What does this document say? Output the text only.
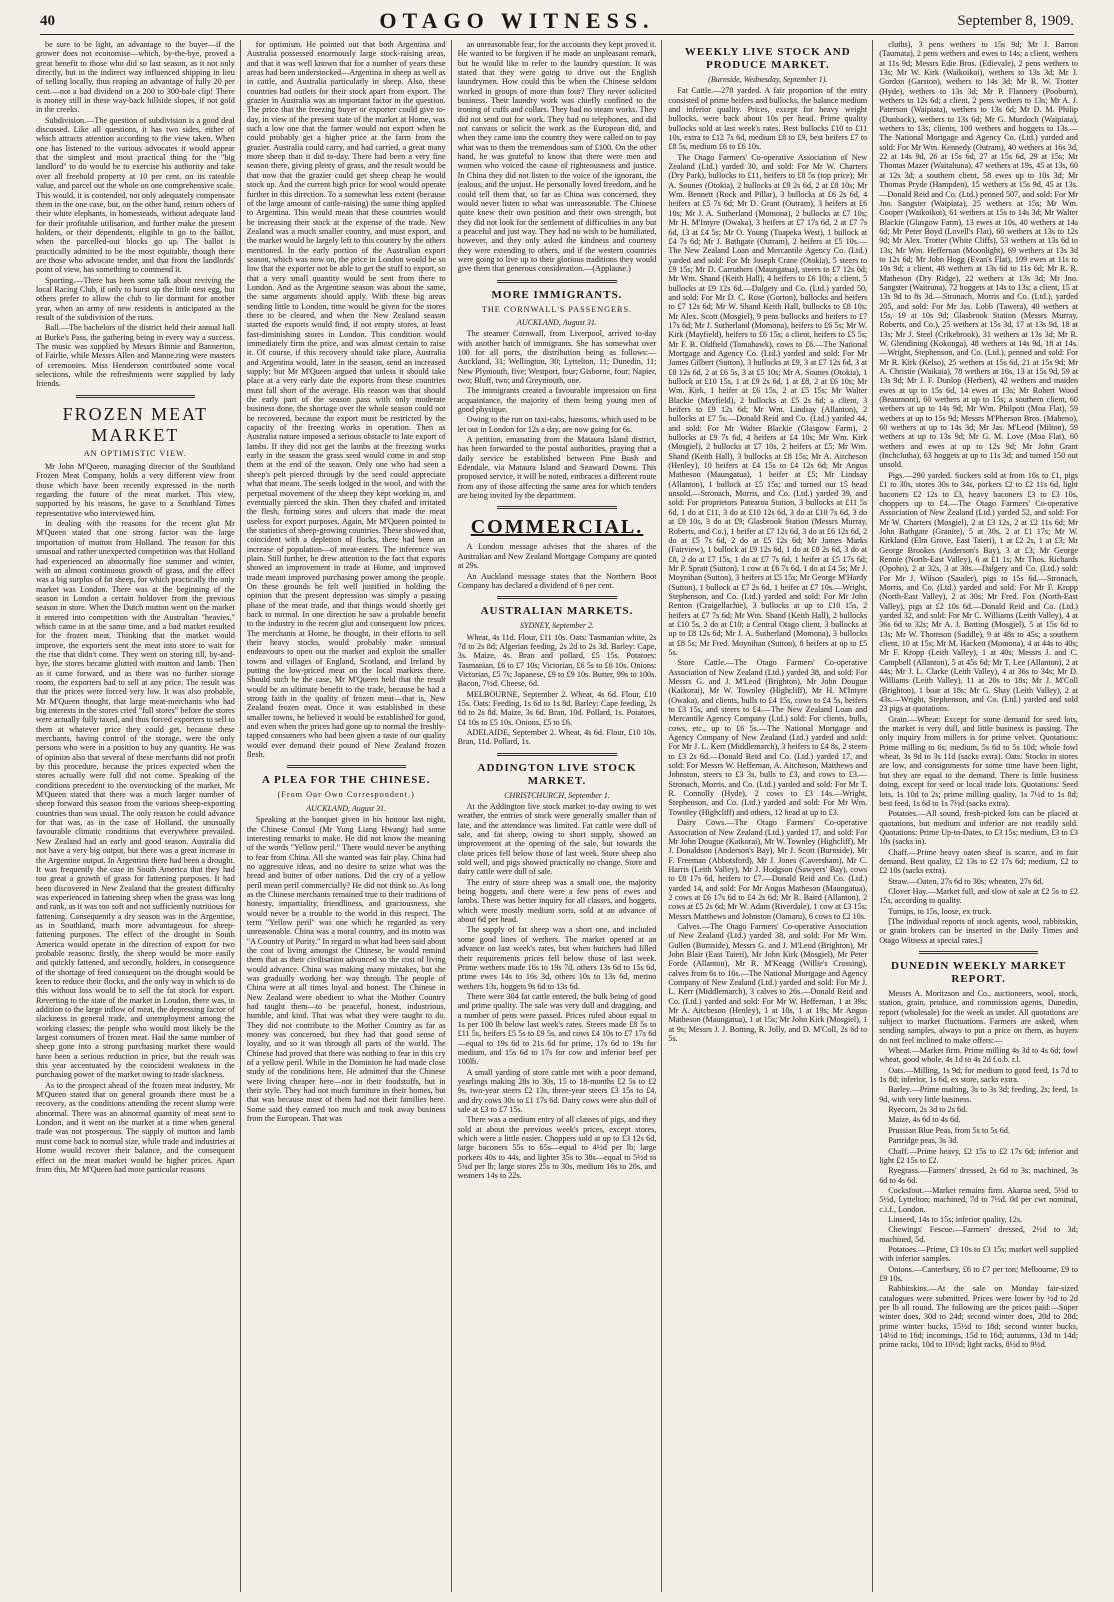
40	OTAGO WITNESS.	September 8, 1909.

be sure to be light, an advantage to the buyer—if the grower does not economise—which, by-the-bye, proved a great benefit to those who did so last season, as it not only directly, but in the indirect way influenced shipping in lieu of selling locally, thus reaping an advantage of fully 20 per cent.—not a bad dividend on a 200 to 300-bale clip! There is money still in these way-back hillside slopes, if not gold in the creeks.

Subdivision.—The question of subdivision is a good deal discussed. Like all questions, it has two sides, either of which attracts attention according to the view taken. When one has listened to the various advocates it would appear that the simplest and most practical thing for the "big landlord" to do would be to exercise his authority and take over all freehold property at 10 per cent. on its rateable value, and parcel out the whole on one comprehensive scale. This would, it is contended, not only adequately compensate them in the one case, but, on the other hand, return others of their white elephants, in homesteads, without adequate land for their profitable utilisation, and further make the present holders, or their dependents, eligible to go to the ballot, when the parcelled-out blocks go up. The ballot is practically admitted to be the most equitable, though there are those who advocate tender, and that from the landlords' point of view, has something to commend it.

Sporting.—There has been some talk about reviving the local Racing Club, if only to burst up the little nest egg, but others prefer to allow the club to lie dormant for another year, when an army of new residents is anticipated as the result of the subdivision of the runs.

Ball.—The bachelors of the district held their annual ball at Burke's Pass, the gathering being in every way a success. The music was supplied by Messrs Binnie and Bannerton, of Fairlie, while Messrs Allen and Manne.ring were masters of ceremonies. Miss Henderson contributed some vocal selections, while the refreshments were supplied by lady friends.

FROZEN MEAT MARKET
AN OPTIMISTIC VIEW.

Mr John M'Queen, managing director of the Southland Frozen Meat Company, holds a very different view from those which have been recently expressed in the north regarding the future of the meat market. This view, supported by his reasons, he gave to a Southland Times representative who interviewed him.

In dealing with the reasons for the recent glut Mr M'Queen stated that one strong factor was the large importation of mutton from Holland. The reason for this unusual and rather unexpected competition was that Holland had experienced an abnormally fine summer and winter, with an almost continuous growth of grass, and the effect was a big surplus of fat sheep, for which practically the only market was London. There was at the beginning of the season in London a certain holdover from the previous season in store. When the Dutch mutton went on the market it entered into competition with the Australian "heavies," which came in at the same time, and a bad market resulted for the frozen meat. Thinking that the market would improve, the exporters sent the meat into store to wait for the rise that didn't come. They went on storing till, by-and-bye, the stores became glutted with mutton and lamb. Then as it came forward, and as there was no further storage room, the exporters had to sell at any price. The result was that the prices were forced very low. It was also probable, Mr M'Queen thought, that large meat-merchants who had big interests in the stores cried "full stores" before the stores were actually fully taxed, and thus forced exporters to sell to them at whatever price they could get, because these merchants, having control of the storage, were the only persons who were in a position to buy any quantity. He was of opinion also that several of these merchants did not profit by this procedure, because the prices expected when the stores actually were full did not come. Speaking of the conditions precedent to the overstocking of the market, Mr M'Queen stated that there was a much larger number of sheep forward this season from the various sheep-exporting countries than was usual. The only reason he could advance for that was, as in the case of Holland, the unusually favourable climatic conditions that everywhere prevailed. New Zealand had an early and good season. Australia did not have a very big output, but there was a great increase in the Argentine output. In Argentina there had been a drought. It was frequently the case in South America that they had too great a growth of grass for fattening purposes. It had been discovered in New Zealand that the greatest difficulty was experienced in fattening sheep when the grass was long and rank, as it was too soft and not sufficiently nutritious for fattening. Consequently a dry season was in the Argentine, as in Southland, much more advantageous for sheep-fattening purposes. The effect of the drought in South America would operate in the direction of export for two probable reasons: firstly, the sheep would be more easily and quickly fattened, and secondly, holders, in consequence of the shortage of feed consequent on the drought would be keen to reduce their flocks, and the only way in which to do this without loss would be to sell the fat stock for export. Reverting to the state of the market in London, there was, in addition to the large inflow of meat, the depressing factor of slackness in general trade, and unemployment among the working classes; the people who would most likely be the largest consumers of frozen meat. Had the same number of sheep gone into a strong purchasing market there would have been a serious reduction in price, but the result was this year accentuated by the coincident weakness in the purchasing power of the market owing to trade slackness.

As to the prospect ahead of the frozen meat industry, Mr M'Queen stated that on general grounds there must be a recovery, as the conditions attending the recent slump were abnormal. There was an abnormal quantity of meat sent to London, and it went on the market at a time when general trade was not prosperous. The supply of mutton and lamb must come back to normal size, while trade and industries at Home would recover their balance, and the consequent effect on the meat market would be higher prices. Apart from this, Mr M'Queen had more particular reasons

for optimism. He pointed out that both Argentina and Australia possessed enormously large stock-raising areas, and that it was well known that for a number of years these areas had been understocked—Argentina in sheep as well as in cattle, and Australia particularly in sheep. Also, these countries had outlets for their stock apart from export. The grazier in Australia was an important factor in the question. The price that the freezing buyer or exporter could give to-day, in view of the present state of the market at Home, was such a low one that the farmer would not export when he could probably get a higher price at the farm from the grazier. Australia could carry, and had carried, a great many more sheep than it did to-day. There had been a very fine season there, giving plenty of grass, and the result would be that now that the grazier could get sheep cheap he would stock up. And the current high price for wool would operate further in this direction. To a somewhat less extent (because of the large amount of cattle-raising) the same thing applied to Argentina. This would mean that these countries would be increasing their stock at the expense of the trade. New Zealand was a much smaller country, and must export, and the market would be largely left to this country by the others mentioned. In the early portion of the Australian export season, which was now on, the price in London would be so low that the exporter not be able to get the stuff to export, so that a very small quantity would be sent from there to London. And as the Argentine season was about the same, the same arguments should apply. With these big areas sending little to London, time would be given for the stores there to be cleared, and when the New Zealand season started the exports would find, if not empty stores, at least fast-diminishing stores in London. This condition would immediately firm the price, and was almost certain to raise it. Of course, if this recovery should take place, Australia and Argentina would, later in the season, send an increased supply; but Mr M'Queen argued that unless it should take place at a very early date the exports from these countries must fall short of the average. His reason was that should the early part of the season pass with only moderate business done, the shortage over the whole season could not be recovered, because the export must be restricted by the capacity of the freezing works in operation. Then as Australia nature imposed a serious obstacle to late export of lambs. If they did not get the lambs at the freezing works early in the season the grass seed would come in and stop them at the end of the season. Only one who had seen a sheep's pelt pierced through by the seed could appreciate what that meant. The seeds lodged in the wool, and with the perpetual movement of the sheep they kept working in, and eventually pierced the skin. Then they chafed and irritated the flesh, forming sores and ulcers that made the meat useless for export purposes. Again, Mr M'Queen pointed to the statistics of sheep-growing countries. These showed that, coincident with a depletion of flocks, there had been an increase of population—of meat-eaters. The inference was plain. Still further, he drew attention to the fact that exports showed an improvement in trade at Home, and improved trade meant improved purchasing power among the people. On these grounds he felt well justified in holding the opinion that the present depression was simply a passing phase of the meat trade, and that things would shortly get back to normal. In one direction he saw a probable benefit to the industry in the recent glut and consequent low prices. The merchants at Home, he thought, in their efforts to sell their heavy stocks, would probably make unusual endeavours to open out the market and exploit the smaller towns and villages of England, Scotland, and Ireland by putting the low-priced meat on the local markets there. Should such be the case, Mr M'Queen held that the result would be an ultimate benefit to the trade, because he had a strong faith in the quality of frozen meat—that is, New Zealand frozen meat. Once it was established in these smaller towns, he believed it would be established for good, and even when the prices had gone up to normal the freshly-tapped consumers who had been given a taste of our quality would ever demand their pound of New Zealand frozen flesh.

A PLEA FOR THE CHINESE.
(From Our Own Correspondent.)
AUCKLAND, August 31.

Speaking at the banquet given in his honour last night, the Chinese Consul (Mr Yung Liang Hwang) had some interesting remarks to make. He did not know the meaning of the words "Yellow peril." There would never be anything to fear from China. All she wanted was fair play. China had no aggressive ideas, and no desire to seize what was the bread and butter of other nations. Did the cry of a yellow peril mean peril commercially? He did not think so. As long as the Chinese merchants remained true to their traditions of honesty, impartiality, friendliness, and graciousness, she would never be a trouble to the world in this respect. The term "Yellow peril" was one which he regarded as very unreasonable. China was a moral country, and its motto was "A Country of Purity." In regard to what had been said about the cost of living amongst the Chinese, he would remind them that as their civilisation advanced so the cost of living would advance. China was making many mistakes, but she was gradually working her way through. The people of China were at all times loyal and honest. The Chinese in New Zealand were obedient to what the Mother Country had taught them—to be peaceful, honest, industrious, humble, and kind. That was what they were taught to do. They did not contribute to the Mother Country as far as money was concerned, but they had that good sense of loyalty, and so it was through all parts of the world. The Chinese had proved that there was nothing to fear in this cry of a yellow peril. While in the Dominion he had made close study of the conditions here. He admitted that the Chinese were living cheaper here—not in their foodstuffs, but in their style. They had not much furniture in their homes, but that was because most of them had not their families here. Some said they earned too much and took away business from the European. That was

an unreasonable fear, for the accounts they kept proved it. He wanted to be forgiven if he made an unpleasant remark, but he would like to refer to the laundry question. It was stated that they were going to drive out the English laundrymen. How could this be when the Chinese seldom worked in groups of more than four? They never solicited business. Their laundry work was chiefly confined to the ironing of cuffs and collars. They had no steam works. They did not send out for work. They had no telephones, and did not canvass or solicit the work as the European did, and when they came into the country they were called on to pay what was to them the tremendous sum of £100. On the other hand, he was grateful to know that there were men and women who voiced the cause of righteousness and justice. In China they did not listen to the voice of the ignorant, the jealous, and the unjust. He personally loved freedom, and he could tell them that, so far as China was concerned, they would never listen to what was unreasonable. The Chinese quite knew their own position and their own strength, but they did not look for the settlement of difficulties in any but a peaceful and just way. They had no wish to be humiliated, however, and they only asked the kindness and courtesy they were extending to others, and if the western countries were going to live up to their glorious traditions they would give them that generous consideration.—(Applause.)

MORE IMMIGRANTS.
THE CORNWALL'S PASSENGERS.
AUCKLAND, August 31.

The steamer Cornwall, from Liverpool, arrived to-day with another batch of immigrants. She has somewhat over 100 for all ports, the distribution being as follows:—Auckland, 31; Wellington, 30; Lyttelton, 11; Dunedin, 11; New Plymouth, five; Westport, four; Gisborne, four; Napier, two; Bluff, two; and Greymouth, one.

The immigrants created a favourable impression on first acquaintance, the majority of them being young men of good physique.

Owing to the run on taxi-cabs, hansoms, which used to be let out in London for 12s a day, are now going for 6s.

A petition, emanating from the Mataura Island district, has been forwarded to the postal authorities, praying that a daily service be established between Pine Bush and Edendale, via Mataura Island and Seaward Downs. This proposed service, it will be noted, embraces a different route from any of those affecting the same area for which tenders are being invited by the department.

COMMERCIAL.

A London message advises that the shares of the Australian and New Zealand Mortgage Company are quoted at 29s.

An Auckland message states that the Northern Boot Company has declared a dividend of 6 per cent.

AUSTRALIAN MARKETS.
SYDNEY, September 2.

Wheat, 4s 11d. Flour, £11 10s. Oats: Tasmanian white, 2s 7d to 2s 8d; Algerian feeding, 2s 2d to 2s 3d. Barley: Cape, 3s. Maize, 4s. Bran and pollard, £5 15s. Potatoes: Tasmanian, £6 to £7 10s; Victorian, £6 5s to £6 10s. Onions: Victorian, £5 7s; Japanese, £9 to £9 10s. Butter, 99s to 100s. Bacon, 7½d. Cheese, 6d.

MELBOURNE, September 2. Wheat, 4s 6d. Flour, £10 15s. Oats: Feeding, 1s 6d to 1s 8d. Barley: Cape feeding, 2s 6d to 2s 8d. Maize, 3s 6d. Bran, 10d. Pollard, 1s. Potatoes, £4 10s to £5 10s. Onions, £5 to £6.

ADELAIDE, September 2. Wheat, 4s 6d. Flour, £10 10s. Bran, 11d. Pollard, 1s.

ADDINGTON LIVE STOCK MARKET.
CHRISTCHURCH, September 1.

At the Addington live stock market to-day owing to wet weather, the entries of stock were generally smaller than of late, and the attendance was limited. Fat cattle were dull of sale, and fat sheep, owing to short supply, showed an improvement at the opening of the sale, but towards the close prices fell below those of last week. Store sheep also sold well, and pigs showed practically no change. Store and dairy cattle were dull of sale.

The entry of store sheep was a small one, the majority being hoggets, and there were a few pens of ewes and lambs. There was better inquiry for all classes, and hoggets, which were mostly medium sorts, sold at an advance of about 6d per head.

The supply of fat sheep was a short one, and included some good lines of wethers. The market opened at an advance on last week's rates, but when butchers had filled their requirements prices fell below those of last week. Prime wethers made 16s to 19s 7d, others 13s 6d to 15s 6d, prime ewes 14s to 16s 3d, others 10s to 13s 6d, merino wethers 13s, hoggets 9s 6d to 13s 6d.

There were 304 fat cattle entered, the bulk being of good and prime quality. The sale was very dull and dragging, and a number of pens were passed. Prices ruled about equal to 1s per 100 lb below last week's rates. Steers made £8 5s to £11 5s, heifers £5 5s to £9 5s, and cows £4 10s to £7 17s 6d—equal to 19s 6d to 21s 6d for prime, 17s 6d to 19s for medium, and 15s 6d to 17s for cow and inferior beef per 100lb.

A small yarding of store cattle met with a poor demand, yearlings making 28s to 30s, 15 to 18-months £2 5s to £2 9s, two-year steers £2 13s, three-year steers £3 15s to £4, and dry cows 30s to £1 17s 6d. Dairy cows were also dull of sale at £3 to £7 15s.

There was a medium entry of all classes of pigs, and they sold at about the previous week's prices, except stores, which were a little easier. Choppers sold at up to £3 12s 6d, large baconers 55s to 65s—equal to 4½d per lb; large porkers 40s to 44s, and lighter 35s to 38s—equal to 5½d to 5¾d per lb; large stores 25s to 30s, medium 16s to 20s, and weaners 14s to 22s.

WEEKLY LIVE STOCK AND PRODUCE MARKET.
(Burnside, Wednesday, September 1).

Fat Cattle.—278 yarded. A fair proportion of the entry consisted of prime heifers and bullocks, the balance medium and inferior quality. Prices, except for heavy weight bullocks, were back about 10s per head. Prime quality bullocks sold at last week's rates. Best bullocks £10 to £11 10s, extra to £12 7s 6d, medium £8 to £9, best heifers £7 to £8 5s, medium £6 to £6 10s.

The Otago Farmers' Co-operative Association of New Zealand (Ltd.) yarded 30, and sold: For Mr W. Charters (Dry Park), bullocks to £11, heifers to £8 5s (top price); Mr A. Sounes (Otokia), 2 bullocks at £9 2s 6d, 2 at £8 10s; Mr Wm. Bennett (Rock and Pillar), 3 bullocks at £6 2s 6d, 4 heifers at £5 7s 6d; Mr D. Grant (Outram), 3 heifers at £6 10s; Mr J. A. Sutherland (Momona), 2 bullocks at £7 10s; Mr H. M'Intyre (Owaka), 3 heifers at £7 17s 6d, 2 at £7 7s 6d, 13 at £4 5s; Mr O. Young (Tuapeka West), 1 bullock at £4 7s 6d; Mr J. Bathgate (Outram), 2 heifers at £5 10s.—The New Zealand Loan and Mercantile Agency Co. (Ltd.) yarded and sold: For Mr Joseph Crane (Otokia), 5 steers to £9 15s; Mr D. Carruthers (Maungatua), steers to £7 12s 6d; Mr Wm. Shand (Keith Hall), 4 heifers to £6 10s; a client, 5 bullocks at £9 12s 6d.—Dalgety and Co. (Ltd.) yarded 50, and sold: For Mr D. C. Rose (Gorton), bullocks and heifers to £7 12s 6d; Mr W. Shand Keith Hall, bullocks to £8 10s; Mr Alex. Scott (Mosgiel), 9 pens bullocks and heifers to £7 17s 6d; Mr J. Sutherland (Momona), heifers to £6 5s; Mr W. Kirk (Mayfield), heifers to £6 15s; a client, heifers to £5 5s; Mr F. R. Oldfield (Tomahawk), cows to £6.—The National Mortgage and Agency Co. (Ltd.) yarded and sold: For Mr James Gilbert (Sutton), 3 bullocks at £9, 3 at £7 12s 6d, 3 at £8 12s 6d, 2 at £6 5s, 3 at £5 10s; Mr A. Sounes (Otokia), 1 bullock at £10 15s, 1 at £9 2s 6d, 1 at £8, 2 at £6 10s; Mr Wm. Kirk, 1 heifer at £6 15s, 2 at £5 15s; Mr Walter Blackie (Mayfield), 2 bullocks at £5 2s 6d; a client, 3 heifers to £9 12s 6d; Mr Wm. Lindsay (Allanton), 2 bullocks at £7 5s.—Donald Reid and Co. (Ltd.) yarded 44, and sold: For Mr Walter Blackie (Glasgow Farm), 2 bullocks at £9 7s 6d, 4 heifers at £4 10s; Mr Wm. Kirk (Mosgiel), 2 bullocks at £7 10s, 2 heifers at £5; Mr Wm. Shand (Keith Hall), 3 bullocks at £8 15s; Mr A. Aitcheson (Henley), 10 heifers at £4 15s to £4 12s 6d; Mr Angus Matheson (Maungatua), 1 heifer at £5; Mr Lindsay (Allanton), 1 bullock at £5 15s; and turned out 15 head unsold.—Stronach, Morris, and Co. (Ltd.) yarded 39, and sold: For proprietors Patearoa Station, 3 bullocks at £11 5s 6d, 1 do at £11, 3 do at £10 12s 6d, 3 do at £10 7s 6d, 3 do at £9 10s, 3 do at £9; Glasbrook Station (Messrs Murray, Roberts, and Co.), 1 heifer at £7 12s 6d, 3 do at £6 12s 6d, 2 do at £5 7s 6d, 2 do at £5 12s 6d; Mr James Marks (Fairview), 1 bullock at £9 12s 6d, 1 do at £8 2s 6d, 3 do at £8, 2 do at £7 15s, 1 do at £7 7s 6d, 1 heifer at £5 17s 6d; Mr P. Spratt (Sutton), 1 cow at £6 7s 6d, 1 do at £4 5s; Mr J. Moynihan (Sutton), 3 heifers at £5 15s; Mr George M'Hardy (Sutton), 1 bullock at £7 2s 6d, 1 heifer at £7 10s.—Wright, Stephenson, and Co. (Ltd.) yarded and sold: For Mr John Renton (Craigellachie), 3 bullocks at up to £10 15s, 2 heifers at £7 7s 6d; Mr Wm. Shand (Keith Hall), 2 bullocks at £10 5s, 2 do at £10; a Central Otago client, 3 bullocks at up to £8 12s 6d; Mr J. A. Sutherland (Momona), 3 bullocks at £8 5s; Mr Fred. Moynihan (Sutton), 8 heifers at up to £5 5s.

Store Cattle.—The Otago Farmers' Co-operative Association of New Zealand (Ltd.) yarded 38, and sold: For Messrs G. and J. M'Leod (Brighton), Mr John Dougue (Kaikorai), Mr W. Townley (Highcliff), Mr H. M'Intyre (Owaka), and clients, bulls to £4 15s, cows to £4 5s, heifers to £3 15s, and steers to £4.—The New Zealand Loan and Mercantile Agency Company (Ltd.) sold: For clients, bulls, cows, etc., up to £6 5s.—The National Mortgage and Agency Company of New Zealand (Ltd.) yarded and sold: For Mr J. L. Kerr (Middlemarch), 3 heifers to £4 8s, 2 steers to £3 2s 6d.—Donald Reid and Co. (Ltd.) yarded 17, and sold: For Messrs W. Heffernan, A. Aitcheson, Matthews and Johnston, steers to £3 3s, bulls to £3, and cows to £3.—Stronach, Morris, and Co. (Ltd.) yarded and sold: For Mr T. R. Connolly (Hyde), 2 cows to £3 14s.—Wright, Stephenson, and Co. (Ltd.) yarded and sold: For Mr Wm. Townley (Highcliff) and others, 12 head at up to £3.

Dairy Cows.—The Otago Farmers' Co-operative Association of New Zealand (Ltd.) yarded 17, and sold: For Mr John Dougue (Kaikorai), Mr W. Townley (Highcliff), Mr J. Donaldson (Anderson's Bay), Mr J. Scott (Burnside), Mr F. Freeman (Abbotsford), Mr J. Jones (Caversham), Mr C. Harris (Leith Valley), Mr J. Hodgson (Sawyers' Bay), cows to £8 17s 6d, heifers to £7.—Donald Reid and Co. (Ltd.) yarded 14, and sold: For Mr Angus Matheson (Maungatua), 2 cows at £6 17s 6d to £4 2s 6d; Mr R. Baird (Allanton), 2 cows at £5 2s 6d; Mr W. Adam (Riverdale), 1 cow at £3 15s; Messrs Matthews and Johnston (Oamaru), 6 cows to £2 10s.

Calves.—The Otago Farmers' Co-operative Association of New Zealand (Ltd.) yarded 38, and sold: For Mr Wm. Gullen (Burnside), Messrs G. and J. M'Leod (Brighton), Mr John Blair (East Taieri), Mr John Kirk (Mosgiel), Mr Peter Forde (Allanton), Mr R. M'Keagg (Willie's Crossing), calves from 6s to 16s.—The National Mortgage and Agency Company of New Zealand (Ltd.) yarded and sold: For Mr J. L. Kerr (Middlemarch), 3 calves to 26s.—Donald Reid and Co. (Ltd.) yarded and sold: For Mr W. Heffernan, 1 at 39s; Mr A. Aitcheson (Henley), 1 at 10s, 1 at 19s; Mr Angus Matheson (Maungatua), 1 at 15s; Mr John Kirk (Mosgiel), 1 at 9s; Messrs J. J. Botting, R. Jolly, and D. M'Coll, 2s 6d to 5s.

cluths), 3 pens wethers to 15s 9d; Mr J. Barron (Taumata), 2 pens wethers and ewes to 14s; a client, wethers at 11s 9d; Messrs Edie Bros. (Edievale), 2 pens wethers to 13s; Mr W. Kirk (Waikoikoi), wethers to 13s 3d; Mr J. Gordon (Garston), wethers to 14s 3d; Mr R. W. Trotter (Hyde), wethers to 13s 3d; Mr P. Flannery (Pooburn), wethers to 12s 6d; a client, 2 pens wethers to 13s; Mr A. J. Paterson (Waipiata), wethers to 13s 6d; Mr D. M. Philip (Dunback), wethers to 13s 6d; Mr G. Murdoch (Waipiata), wethers to 13s; clients, 100 wethers and hoggets to 13s.—The National Mortgage and Agency Co. (Ltd.) yarded and sold: For Mr Wm. Kennedy (Outram), 40 wethers at 16s 3d, 22 at 14s 9d, 26 at 15s 6d, 27 at 15s 6d, 29 at 15s; Mr Thomas Mazer (Waitahuna), 47 wethers at 19s, 45 at 13s, 60 at 12s 3d; a southern client, 58 ewes up to 10s 3d; Mr Thomas Pryde (Hampden), 15 wethers at 15s 9d, 45 at 13s.—Donald Reid and Co. (Ltd.) penned 507, and sold: For Mr Jno. Sangster (Waipiata), 25 wethers at 15s; Mr Wm. Cooper (Waikoikoi), 61 wethers at 15s to 14s 3d; Mr Walter Blackie (Glasgow Farm), 13 ewes at 10s, 40 wethers at 14s 6d; Mr Peter Boyd (Lovell's Flat), 60 wethers at 13s to 12s 9d; Mr Alex. Trotter (White Cliffs), 53 wethers at 13s 6d to 13s; Mr Wm. Heffernan (Moonlight), 69 wethers at 13s 3d to 12s 6d; Mr John Hogg (Evan's Flat), 109 ewes at 11s to 10s 9d; a client, 48 wethers at 13s 6d to 11s 6d; Mr R. R. Matheson (Dry Ridge), 22 wethers at 13s 3d; Mr Jno. Sangster (Waitruna), 72 hoggets at 14s to 13s; a client, 15 at 13s 9d to 8s 3d.—Stronach, Morris and Co. (Ltd.), yarded 205, and sold: For Mr Jas. Lobb (Tawera), 40 wethers at 15s, 19 at 10s 9d; Glasbrook Station (Messrs Murray, Roberts, and Co.), 25 wethers at 15s 3d, 17 at 13s 9d, 18 at 13s; Mr J. Steel (Crikebrook), 31 wethers at 13s 3d; Mr R. W. Glendining (Kokonga), 48 wethers at 14s 9d, 18 at 14s.—Wright, Stephenson, and Co. (Ltd.), penned and sold: For Mr R. Kirk (Kelso), 25 wethers at 15s 6d, 21 at 15s 9d; Mr A. Christie (Waikaia), 78 wethers at 16s, 13 at 15s 9d, 59 at 13s 9d; Mr J. F. Dunlop (Herbert), 42 wethers and maiden ewes at up to 15s 6d, 14 ewes at 13s; Mr Robert Wood (Beaumont), 60 wethers at up to 15s; a southern client, 60 wethers at up to 14s 9d; Mr Wm. Philpott (Moa Flat), 59 wethers at up to 15s 9d; Messrs M'Pherson Bros. (Maheno), 60 wethers at up to 14s 3d; Mr Jas. M'Leod (Milton), 59 wethers at up to 13s 9d; Mr G. M. Love (Moa Flat), 60 wethers and ewes at up to 12s 9d; Mr John Grant (Inchclutha), 63 hoggets at up to 11s 3d; and turned 150 out unsold.

Pigs.—290 yarded. Suckers sold at from 16s to £1, pigs £1 to 30s, stores 30s to 34s, porkers £2 to £2 11s 6d, light baconers £2 12s to £3, heavy baconers £3 to £3 10s, choppers up to £4.—The Otago Farmers' Co-operative Association of New Zealand (Ltd.) yarded 52, and sold: For Mr W. Charters (Mosgiel), 2 at £3 12s, 2 at £2 11s 6d; Mr John Bathgate (Granite), 5 at 30s, 2 at £1 17s; Mr W. Kirkland (Elm Grove, East Taieri), 1 at £2 2s, 1 at £3; Mr George Brookes (Anderson's Bay), 3 at £3; Mr George Rennie (North-East Valley), 6 at £1 1s; Mr Thos. Richards (Opoho), 2 at 32s, 3 at 30s.—Dalgety and Co. (Ltd.) sold: For Mr J. Wilson (Sauder), pigs to 15s 6d.—Stronach, Morris, and Co. (Ltd.) yarded and sold: For Mr F. Kropp (North-East Valley), 2 at 30s; Mr Fred. Fox (North-East Valley), pigs at £2 10s 6d.—Donald Reid and Co. (Ltd.) yarded 32, and sold: For Mr C. Williams (Leith Valley), 4 at 36s 6d to 32s; Mr A. J. Botting (Mosgiel), 5 at 15s 6d to 13s; Mr W. Thomson (Saddle), 9 at 48s to 45s; a southern client, 10 at 15s; Mr M. Hackett (Momona), 4 at 44s to 40s; Mr F. Kropp (Leith Valley), 1 at 40s; Messrs J. and C. Campbell (Allanton), 5 at 45s 6d; Mr T. Lee (Allanton), 2 at 44s; Mr J. L. Clarke (Leith Valley), 4 at 36s to 34s; Mr D. Williams (Leith Valley), 11 at 20s to 18s; Mr J. M'Coll (Brighton), 1 boar at 18s; Mr G. Shay (Leith Valley), 2 at 43s.—Wright, Stephenson, and Co. (Ltd.) yarded and sold 23 pigs at quotations.

Grain.—Wheat: Except for some demand for seed lots, the market is very dull, and little business is passing. The only inquiry from millers is for prime velvet. Quotations: Prime milling to 6s; medium, 5s 6d to 5s 10d; whole fowl wheat, 3s 9d to 3s 11d (sacks extra). Oats: Stocks in stores are low, and consignments for some time have been light, but they are equal to the demand. There is little business doing, except for seed or local trade lots. Quotations: Seed lots, 1s 10d to 2s; prime milling quality, 1s 7½d to 1s 8d; best feed, 1s 6d to 1s 7½d (sacks extra).

Potatoes.—All sound, fresh-picked lots can be placed at quotations, but medium and inferior are not readily sold. Quotations: Prime Up-to-Dates, to £3 15s; medium, £3 to £3 10s (sacks in).

Chaff.—Prime heavy oaten sheaf is scarce, and in fair demand. Best quality, £2 13s to £2 17s 6d; medium, £2 to £2 10s (sacks extra).

Straw.—Oaten, 27s 6d to 30s; wheaten, 27s 6d.

Clover Hay.—Market full, and slow of sale at £2 5s to £2 15s, according to quality.

Turnips, to 15s, loose, ex truck.

[The individual reports of stock agents, wool, rabbitskin, or grain brokers can be inserted in the Daily Times and Otago Witness at special rates.]

DUNEDIN WEEKLY MARKET REPORT.

Messrs A. Moritzson and Co., auctioneers, wool, stock, station, grain, produce, and commission agents, Dunedin, report (wholesale) for the week as under. All quotations are subject to market fluctuations. Farmers are asked, when sending samples, always to put a price on them, as buyers do not feel inclined to make offers:—

Wheat.—Market firm. Prime milling 4s 3d to 4s 6d; fowl wheat, good whole, 4s 1d to 4s 2d f.o.b. r.l.

Oats.—Milling, 1s 9d; for medium to good feed, 1s 7d to 1s 8d; inferior, 1s 6d, ex store, sacks extra.

Barley.—Prime malting, 3s to 3s 3d; feeding, 2s; feed, 1s 9d, with very little business.

Ryecorn, 2s 3d to 2s 6d.

Maize, 4s 6d to 4s 6d.

Prussian Blue Peas, from 5s to 5s 6d.

Partridge peas, 3s 3d.

Chaff.—Prime heavy, £2 15s to £2 17s 6d; inferior and light £2 15s to £2.

Ryegrass.—Farmers' dressed, 2s 6d to 3s; machined, 3s 6d to 4s 6d.

Cocksfoot.—Market remains firm. Akaroa seed, 5½d to 5½d, Lyttelton; machined, 7d to 7½d. 0d per cwt nominal, c.i.f., London.

Linseed, 14s to 15s; inferior quality, 12s.

Chewings' Fescue.—Farmers' dressed, 2½d to 3d; machined, 5d.

Potatoes.—Prime, £3 10s to £3 15s; market well supplied with inferior samples.

Onions.—Canterbury, £6 to £7 per ton; Melbourne, £9 to £9 10s.

Rabbitskins.—At the sale on Monday fair-sized catalogues were submitted. Prices were lower by ½d to 2d per lb all round. The following are the prices paid:—Super winter does, 30d to 24d; second winter does, 20d to 28d; prime winter bucks, 15½d to 18d; second winter bucks, 14½d to 16d; incomings, 15d to 16d; autumns, 13d to 14d; prime racks, 10d to 10½d; light racks, 8½d to 9½d.
